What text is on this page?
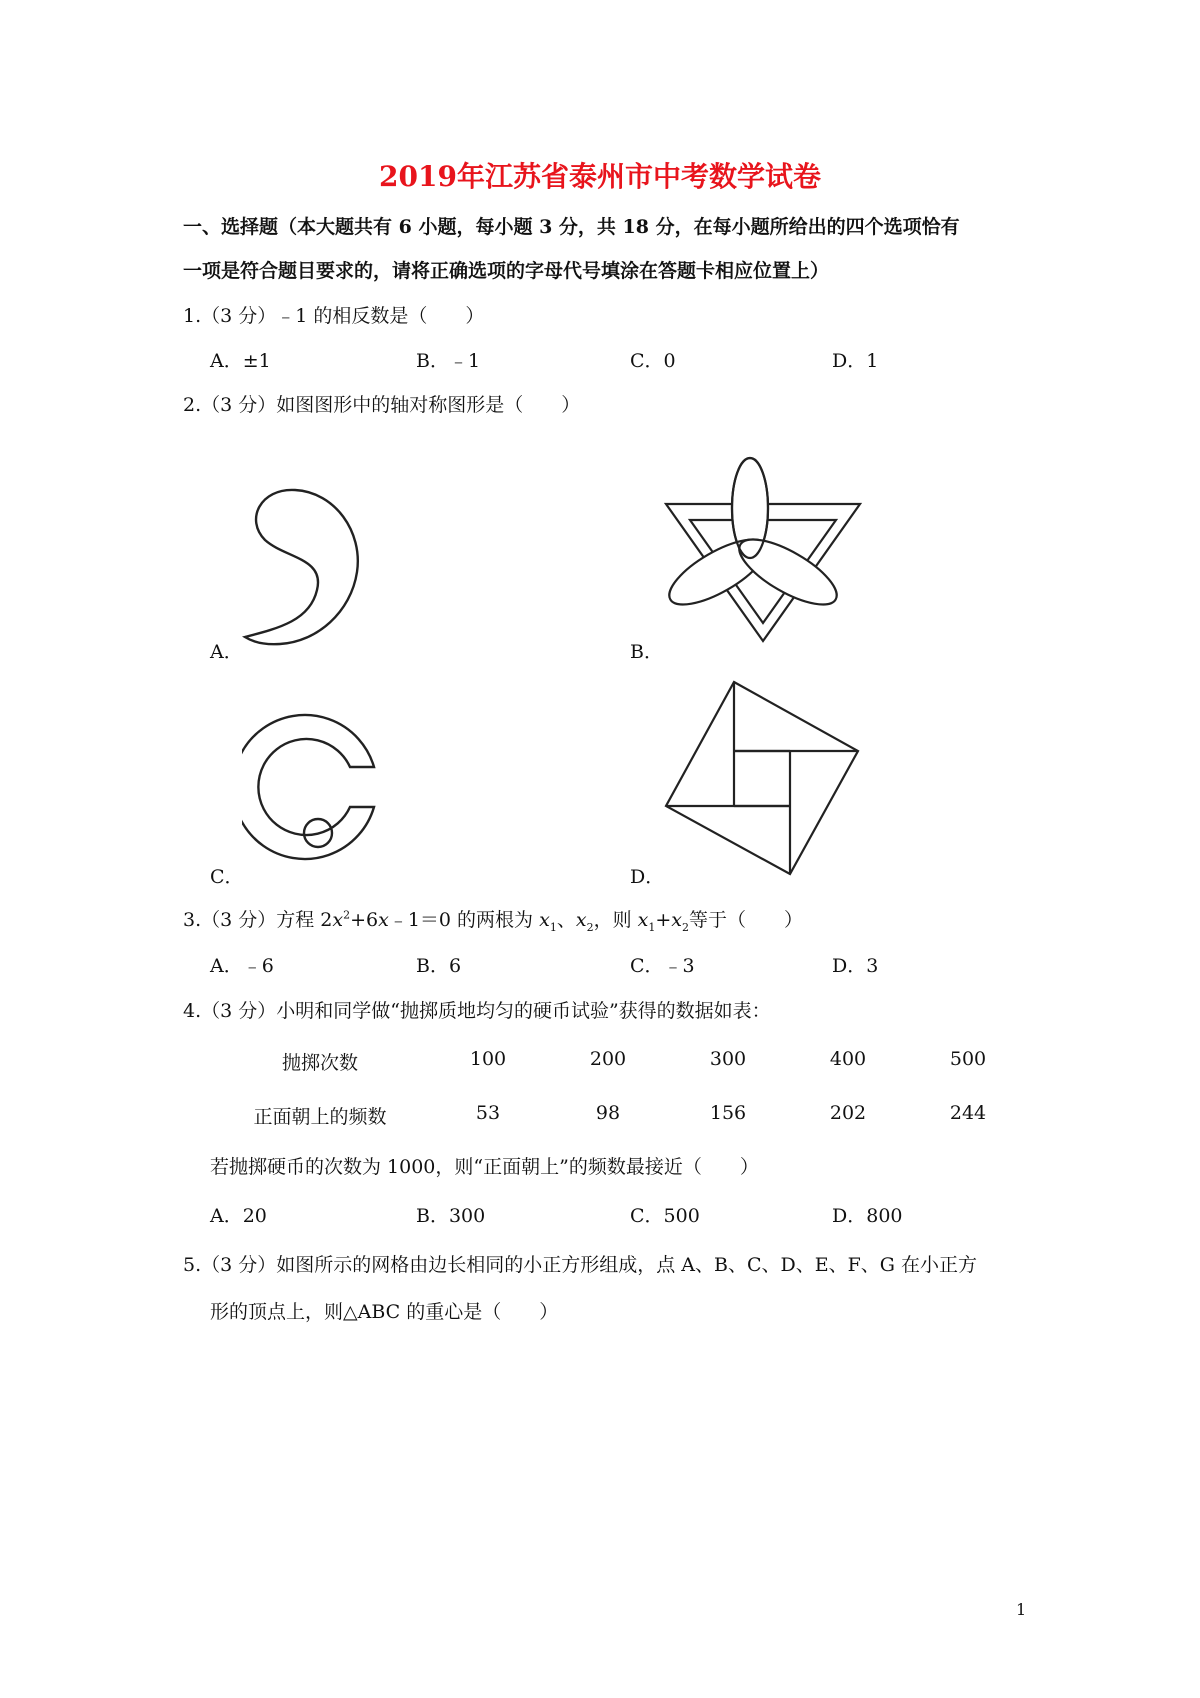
2019年江苏省泰州市中考数学试卷
一、选择题（本大题共有 6 小题，每小题 3 分，共 18 分，在每小题所给出的四个选项恰有
一项是符合题目要求的，请将正确选项的字母代号填涂在答题卡相应位置上）
1.（3 分）﹣1 的相反数是（　　）
A．±1	B．﹣1	C．0	D．1
2.（3 分）如图图形中的轴对称图形是（　　）
A．	B．
C．	D．
3.（3 分）方程 $2x^2+6x﹣1=0$ 的两根为 $x_1$、$x_2$，则 $x_1+x_2$等于（　　）
A．﹣6	B．6	C．﹣3	D．3
4.（3 分）小明和同学做“抛掷质地均匀的硬币试验”获得的数据如表：
抛掷次数	100	200	300	400	500
正面朝上的频数	53	98	156	202	244
若抛掷硬币的次数为 1000，则“正面朝上”的频数最接近（　　）
A．20	B．300	C．500	D．800
5.（3 分）如图所示的网格由边长相同的小正方形组成，点 A、B、C、D、E、F、G 在小正方
形的顶点上，则△ABC 的重心是（　　）
1
